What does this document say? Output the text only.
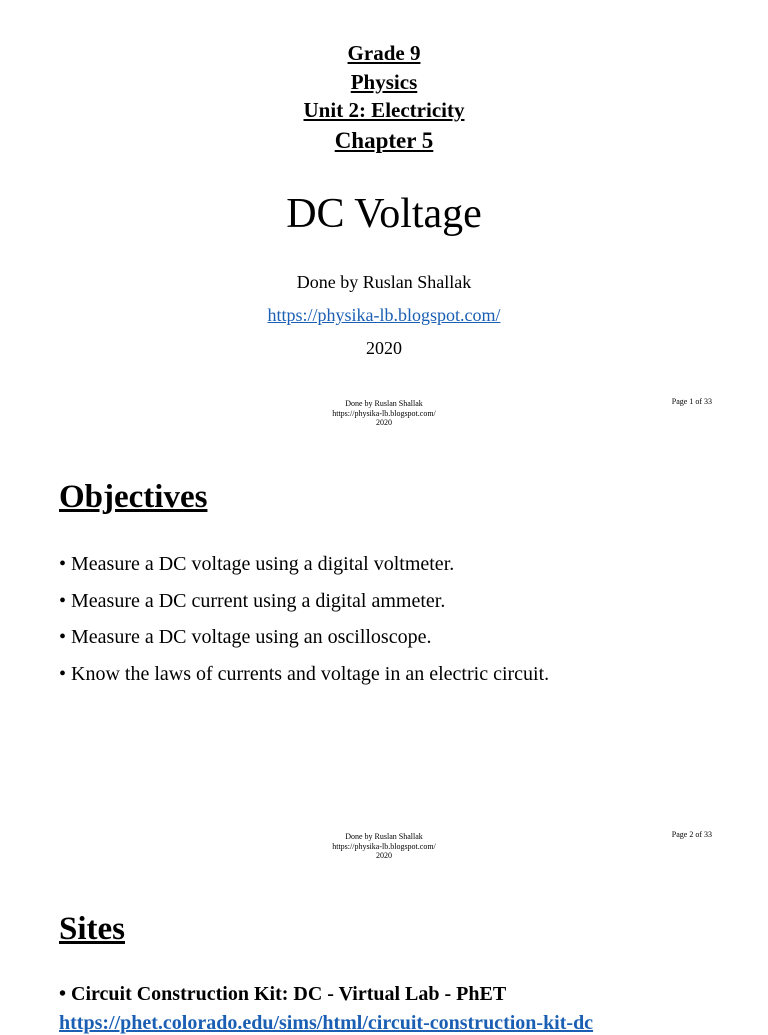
Grade 9
Physics
Unit 2: Electricity
Chapter 5
DC Voltage
Done by Ruslan Shallak
https://physika-lb.blogspot.com/
2020
Done by Ruslan Shallak
https://physika-lb.blogspot.com/
2020
Page 1 of 33
Objectives
• Measure a DC voltage using a digital voltmeter.
• Measure a DC current using a digital ammeter.
• Measure a DC voltage using an oscilloscope.
• Know the laws of currents and voltage in an electric circuit.
Done by Ruslan Shallak
https://physika-lb.blogspot.com/
2020
Page 2 of 33
Sites
• Circuit Construction Kit: DC - Virtual Lab - PhET
https://phet.colorado.edu/sims/html/circuit-construction-kit-dc
